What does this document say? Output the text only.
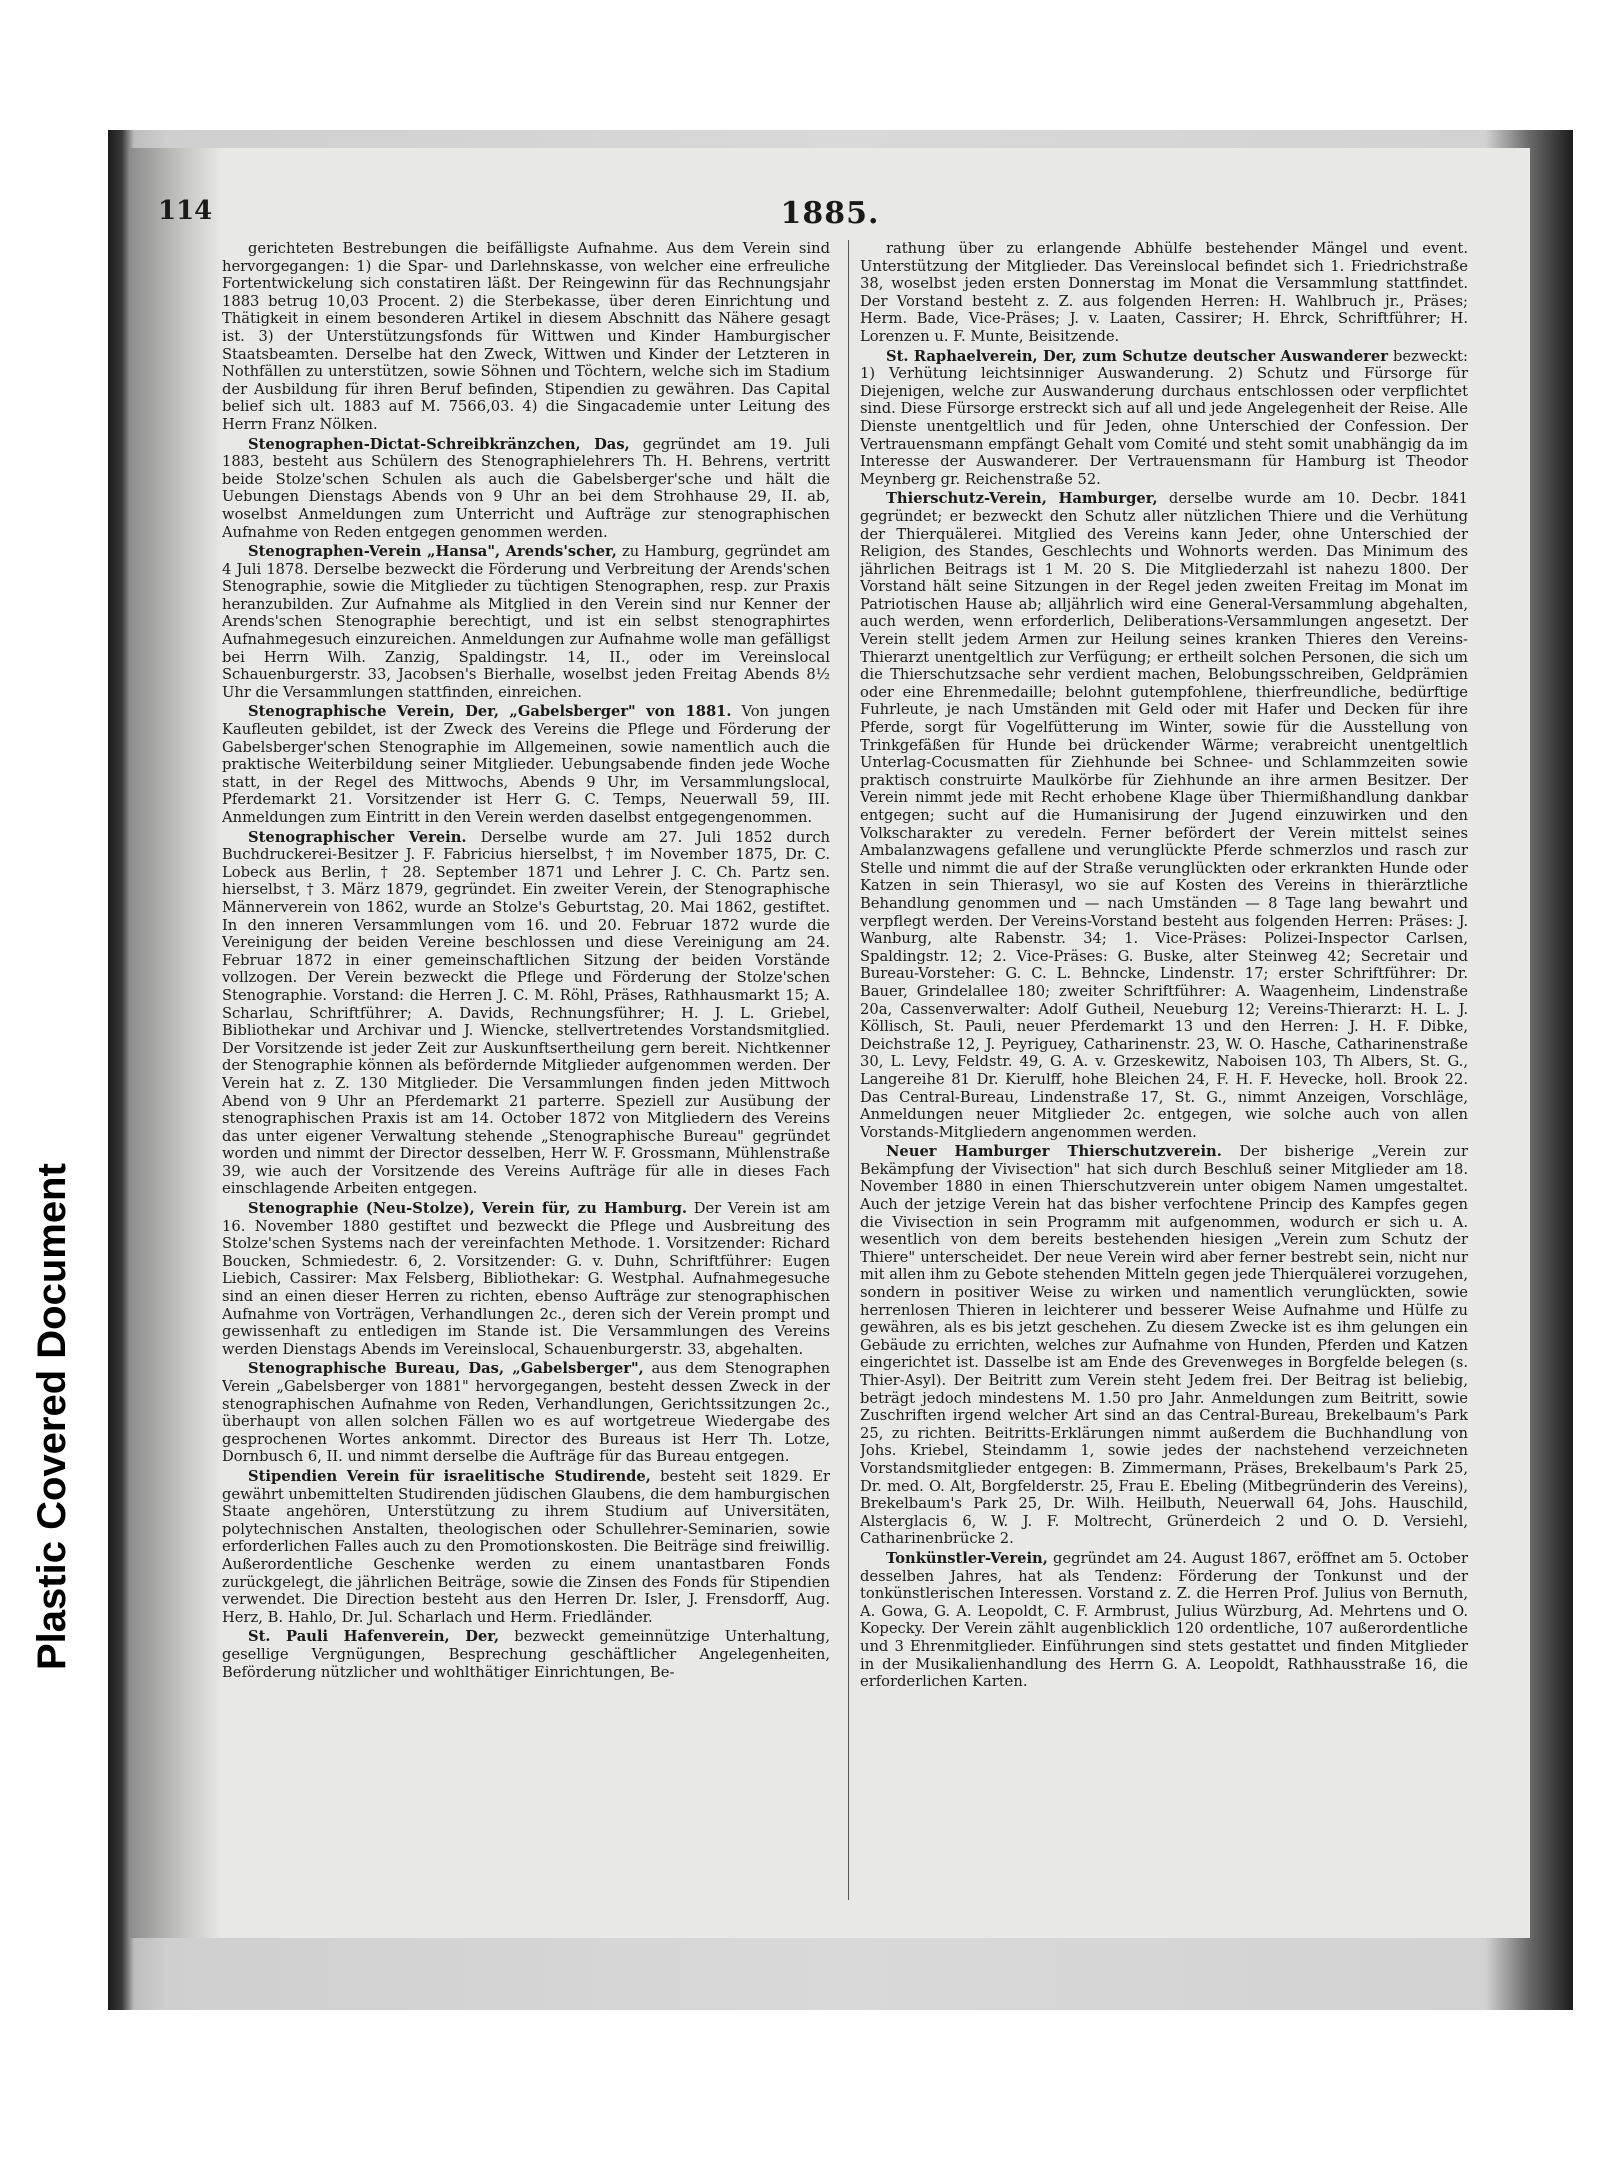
Plastic Covered Document
114	1885.

gerichteten Bestrebungen die beifälligste Aufnahme. Aus dem Verein sind hervorgegangen: 1) die Spar- und Darlehnskasse, von welcher eine erfreuliche Fortentwickelung sich constatiren läßt. Der Reingewinn für das Rechnungsjahr 1883 betrug 10,03 Procent. 2) die Sterbekasse, über deren Einrichtung und Thätigkeit in einem besonderen Artikel in diesem Abschnitt das Nähere gesagt ist. 3) der Unterstützungsfonds für Wittwen und Kinder Hamburgischer Staatsbeamten. Derselbe hat den Zweck, Wittwen und Kinder der Letzteren in Nothfällen zu unterstützen, sowie Söhnen und Töchtern, welche sich im Stadium der Ausbildung für ihren Beruf befinden, Stipendien zu gewähren. Das Capital belief sich ult. 1883 auf M. 7566,03. 4) die Singacademie unter Leitung des Herrn Franz Nölken.

Stenographen-Dictat-Schreibkränzchen, Das, gegründet am 19. Juli 1883, besteht aus Schülern des Stenographielehrers Th. H. Behrens, vertritt beide Stolze'schen Schulen als auch die Gabelsberger'sche und hält die Uebungen Dienstags Abends von 9 Uhr an bei dem Strohhause 29, II. ab, woselbst Anmeldungen zum Unterricht und Aufträge zur stenographischen Aufnahme von Reden entgegen genommen werden.

Stenographen-Verein „Hansa", Arends'scher, zu Hamburg, gegründet am 4 Juli 1878. Derselbe bezweckt die Förderung und Verbreitung der Arends'schen Stenographie, sowie die Mitglieder zu tüchtigen Stenographen, resp. zur Praxis heranzubilden. Zur Aufnahme als Mitglied in den Verein sind nur Kenner der Arends'schen Stenographie berechtigt, und ist ein selbst stenographirtes Aufnahmegesuch einzureichen. Anmeldungen zur Aufnahme wolle man gefälligst bei Herrn Wilh. Zanzig, Spaldingstr. 14, II., oder im Vereinslocal Schauenburgerstr. 33, Jacobsen's Bierhalle, woselbst jeden Freitag Abends 8½ Uhr die Versammlungen stattfinden, einreichen.

Stenographische Verein, Der, „Gabelsberger" von 1881. Von jungen Kaufleuten gebildet, ist der Zweck des Vereins die Pflege und Förderung der Gabelsberger'schen Stenographie im Allgemeinen, sowie namentlich auch die praktische Weiterbildung seiner Mitglieder. Uebungsabende finden jede Woche statt, in der Regel des Mittwochs, Abends 9 Uhr, im Versammlungslocal, Pferdemarkt 21. Vorsitzender ist Herr G. C. Temps, Neuerwall 59, III. Anmeldungen zum Eintritt in den Verein werden daselbst entgegengenommen.

Stenographischer Verein. Derselbe wurde am 27. Juli 1852 durch Buchdruckerei-Besitzer J. F. Fabricius hierselbst, † im November 1875, Dr. C. Lobeck aus Berlin, † 28. September 1871 und Lehrer J. C. Ch. Partz sen. hierselbst, † 3. März 1879, gegründet. Ein zweiter Verein, der Stenographische Männerverein von 1862, wurde an Stolze's Geburtstag, 20. Mai 1862, gestiftet. In den inneren Versammlungen vom 16. und 20. Februar 1872 wurde die Vereinigung der beiden Vereine beschlossen und diese Vereinigung am 24. Februar 1872 in einer gemeinschaftlichen Sitzung der beiden Vorstände vollzogen. Der Verein bezweckt die Pflege und Förderung der Stolze'schen Stenographie. Vorstand: die Herren J. C. M. Röhl, Präses, Rathhausmarkt 15; A. Scharlau, Schriftführer; A. Davids, Rechnungsführer; H. J. L. Griebel, Bibliothekar und Archivar und J. Wiencke, stellvertretendes Vorstandsmitglied. Der Vorsitzende ist jeder Zeit zur Auskunftsertheilung gern bereit. Nichtkenner der Stenographie können als befördernde Mitglieder aufgenommen werden. Der Verein hat z. Z. 130 Mitglieder. Die Versammlungen finden jeden Mittwoch Abend von 9 Uhr an Pferdemarkt 21 parterre. Speziell zur Ausübung der stenographischen Praxis ist am 14. October 1872 von Mitgliedern des Vereins das unter eigener Verwaltung stehende „Stenographische Bureau" gegründet worden und nimmt der Director desselben, Herr W. F. Grossmann, Mühlenstraße 39, wie auch der Vorsitzende des Vereins Aufträge für alle in dieses Fach einschlagende Arbeiten entgegen.

Stenographie (Neu-Stolze), Verein für, zu Hamburg. Der Verein ist am 16. November 1880 gestiftet und bezweckt die Pflege und Ausbreitung des Stolze'schen Systems nach der vereinfachten Methode. 1. Vorsitzender: Richard Boucken, Schmiedestr. 6, 2. Vorsitzender: G. v. Duhn, Schriftführer: Eugen Liebich, Cassirer: Max Felsberg, Bibliothekar: G. Westphal. Aufnahmegesuche sind an einen dieser Herren zu richten, ebenso Aufträge zur stenographischen Aufnahme von Vorträgen, Verhandlungen 2c., deren sich der Verein prompt und gewissenhaft zu entledigen im Stande ist. Die Versammlungen des Vereins werden Dienstags Abends im Vereinslocal, Schauenburgerstr. 33, abgehalten.

Stenographische Bureau, Das, „Gabelsberger", aus dem Stenographen Verein „Gabelsberger von 1881" hervorgegangen, besteht dessen Zweck in der stenographischen Aufnahme von Reden, Verhandlungen, Gerichtssitzungen 2c., überhaupt von allen solchen Fällen wo es auf wortgetreue Wiedergabe des gesprochenen Wortes ankommt. Director des Bureaus ist Herr Th. Lotze, Dornbusch 6, II. und nimmt derselbe die Aufträge für das Bureau entgegen.

Stipendien Verein für israelitische Studirende, besteht seit 1829. Er gewährt unbemittelten Studirenden jüdischen Glaubens, die dem hamburgischen Staate angehören, Unterstützung zu ihrem Studium auf Universitäten, polytechnischen Anstalten, theologischen oder Schullehrer-Seminarien, sowie erforderlichen Falles auch zu den Promotionskosten. Die Beiträge sind freiwillig. Außerordentliche Geschenke werden zu einem unantastbaren Fonds zurückgelegt, die jährlichen Beiträge, sowie die Zinsen des Fonds für Stipendien verwendet. Die Direction besteht aus den Herren Dr. Isler, J. Frensdorff, Aug. Herz, B. Hahlo, Dr. Jul. Scharlach und Herm. Friedländer.

St. Pauli Hafenverein, Der, bezweckt gemeinnützige Unterhaltung, gesellige Vergnügungen, Besprechung geschäftlicher Angelegenheiten, Beförderung nützlicher und wohlthätiger Einrichtungen, Be-

rathung über zu erlangende Abhülfe bestehender Mängel und event. Unterstützung der Mitglieder. Das Vereinslocal befindet sich 1. Friedrichstraße 38, woselbst jeden ersten Donnerstag im Monat die Versammlung stattfindet. Der Vorstand besteht z. Z. aus folgenden Herren: H. Wahlbruch jr., Präses; Herm. Bade, Vice-Präses; J. v. Laaten, Cassirer; H. Ehrck, Schriftführer; H. Lorenzen u. F. Munte, Beisitzende.

St. Raphaelverein, Der, zum Schutze deutscher Auswanderer bezweckt: 1) Verhütung leichtsinniger Auswanderung. 2) Schutz und Fürsorge für Diejenigen, welche zur Auswanderung durchaus entschlossen oder verpflichtet sind. Diese Fürsorge erstreckt sich auf all und jede Angelegenheit der Reise. Alle Dienste unentgeltlich und für Jeden, ohne Unterschied der Confession. Der Vertrauensmann empfängt Gehalt vom Comité und steht somit unabhängig da im Interesse der Auswanderer. Der Vertrauensmann für Hamburg ist Theodor Meynberg gr. Reichenstraße 52.

Thierschutz-Verein, Hamburger, derselbe wurde am 10. Decbr. 1841 gegründet; er bezweckt den Schutz aller nützlichen Thiere und die Verhütung der Thierquälerei. Mitglied des Vereins kann Jeder, ohne Unterschied der Religion, des Standes, Geschlechts und Wohnorts werden. Das Minimum des jährlichen Beitrags ist 1 M. 20 S. Die Mitgliederzahl ist nahezu 1800. Der Vorstand hält seine Sitzungen in der Regel jeden zweiten Freitag im Monat im Patriotischen Hause ab; alljährlich wird eine General-Versammlung abgehalten, auch werden, wenn erforderlich, Deliberations-Versammlungen angesetzt. Der Verein stellt jedem Armen zur Heilung seines kranken Thieres den Vereins-Thierarzt unentgeltlich zur Verfügung; er ertheilt solchen Personen, die sich um die Thierschutzsache sehr verdient machen, Belobungsschreiben, Geldprämien oder eine Ehrenmedaille; belohnt gutempfohlene, thierfreundliche, bedürftige Fuhrleute, je nach Umständen mit Geld oder mit Hafer und Decken für ihre Pferde, sorgt für Vogelfütterung im Winter, sowie für die Ausstellung von Trinkgefäßen für Hunde bei drückender Wärme; verabreicht unentgeltlich Unterlag-Cocusmatten für Ziehhunde bei Schnee- und Schlammzeiten sowie praktisch construirte Maulkörbe für Ziehhunde an ihre armen Besitzer. Der Verein nimmt jede mit Recht erhobene Klage über Thiermißhandlung dankbar entgegen; sucht auf die Humanisirung der Jugend einzuwirken und den Volkscharakter zu veredeln. Ferner befördert der Verein mittelst seines Ambalanzwagens gefallene und verunglückte Pferde schmerzlos und rasch zur Stelle und nimmt die auf der Straße verunglückten oder erkrankten Hunde oder Katzen in sein Thierasyl, wo sie auf Kosten des Vereins in thierärztliche Behandlung genommen und — nach Umständen — 8 Tage lang bewahrt und verpflegt werden. Der Vereins-Vorstand besteht aus folgenden Herren: Präses: J. Wanburg, alte Rabenstr. 34; 1. Vice-Präses: Polizei-Inspector Carlsen, Spaldingstr. 12; 2. Vice-Präses: G. Buske, alter Steinweg 42; Secretair und Bureau-Vorsteher: G. C. L. Behncke, Lindenstr. 17; erster Schriftführer: Dr. Bauer, Grindelallee 180; zweiter Schriftführer: A. Waagenheim, Lindenstraße 20a, Cassenverwalter: Adolf Gutheil, Neueburg 12; Vereins-Thierarzt: H. L. J. Köllisch, St. Pauli, neuer Pferdemarkt 13 und den Herren: J. H. F. Dibke, Deichstraße 12, J. Peyriguey, Catharinenstr. 23, W. O. Hasche, Catharinenstraße 30, L. Levy, Feldstr. 49, G. A. v. Grzeskewitz, Naboisen 103, Th Albers, St. G., Langereihe 81 Dr. Kierulff, hohe Bleichen 24, F. H. F. Hevecke, holl. Brook 22. Das Central-Bureau, Lindenstraße 17, St. G., nimmt Anzeigen, Vorschläge, Anmeldungen neuer Mitglieder 2c. entgegen, wie solche auch von allen Vorstands-Mitgliedern angenommen werden.

Neuer Hamburger Thierschutzverein. Der bisherige „Verein zur Bekämpfung der Vivisection" hat sich durch Beschluß seiner Mitglieder am 18. November 1880 in einen Thierschutzverein unter obigem Namen umgestaltet. Auch der jetzige Verein hat das bisher verfochtene Princip des Kampfes gegen die Vivisection in sein Programm mit aufgenommen, wodurch er sich u. A. wesentlich von dem bereits bestehenden hiesigen „Verein zum Schutz der Thiere" unterscheidet. Der neue Verein wird aber ferner bestrebt sein, nicht nur mit allen ihm zu Gebote stehenden Mitteln gegen jede Thierquälerei vorzugehen, sondern in positiver Weise zu wirken und namentlich verunglückten, sowie herrenlosen Thieren in leichterer und besserer Weise Aufnahme und Hülfe zu gewähren, als es bis jetzt geschehen. Zu diesem Zwecke ist es ihm gelungen ein Gebäude zu errichten, welches zur Aufnahme von Hunden, Pferden und Katzen eingerichtet ist. Dasselbe ist am Ende des Grevenweges in Borgfelde belegen (s. Thier-Asyl). Der Beitritt zum Verein steht Jedem frei. Der Beitrag ist beliebig, beträgt jedoch mindestens M. 1.50 pro Jahr. Anmeldungen zum Beitritt, sowie Zuschriften irgend welcher Art sind an das Central-Bureau, Brekelbaum's Park 25, zu richten. Beitritts-Erklärungen nimmt außerdem die Buchhandlung von Johs. Kriebel, Steindamm 1, sowie jedes der nachstehend verzeichneten Vorstandsmitglieder entgegen: B. Zimmermann, Präses, Brekelbaum's Park 25, Dr. med. O. Alt, Borgfelderstr. 25, Frau E. Ebeling (Mitbegründerin des Vereins), Brekelbaum's Park 25, Dr. Wilh. Heilbuth, Neuerwall 64, Johs. Hauschild, Alsterglacis 6, W. J. F. Moltrecht, Grünerdeich 2 und O. D. Versiehl, Catharinenbrücke 2.

Tonkünstler-Verein, gegründet am 24. August 1867, eröffnet am 5. October desselben Jahres, hat als Tendenz: Förderung der Tonkunst und der tonkünstlerischen Interessen. Vorstand z. Z. die Herren Prof. Julius von Bernuth, A. Gowa, G. A. Leopoldt, C. F. Armbrust, Julius Würzburg, Ad. Mehrtens und O. Kopecky. Der Verein zählt augenblicklich 120 ordentliche, 107 außerordentliche und 3 Ehrenmitglieder. Einführungen sind stets gestattet und finden Mitglieder in der Musikalienhandlung des Herrn G. A. Leopoldt, Rathhausstraße 16, die erforderlichen Karten.
